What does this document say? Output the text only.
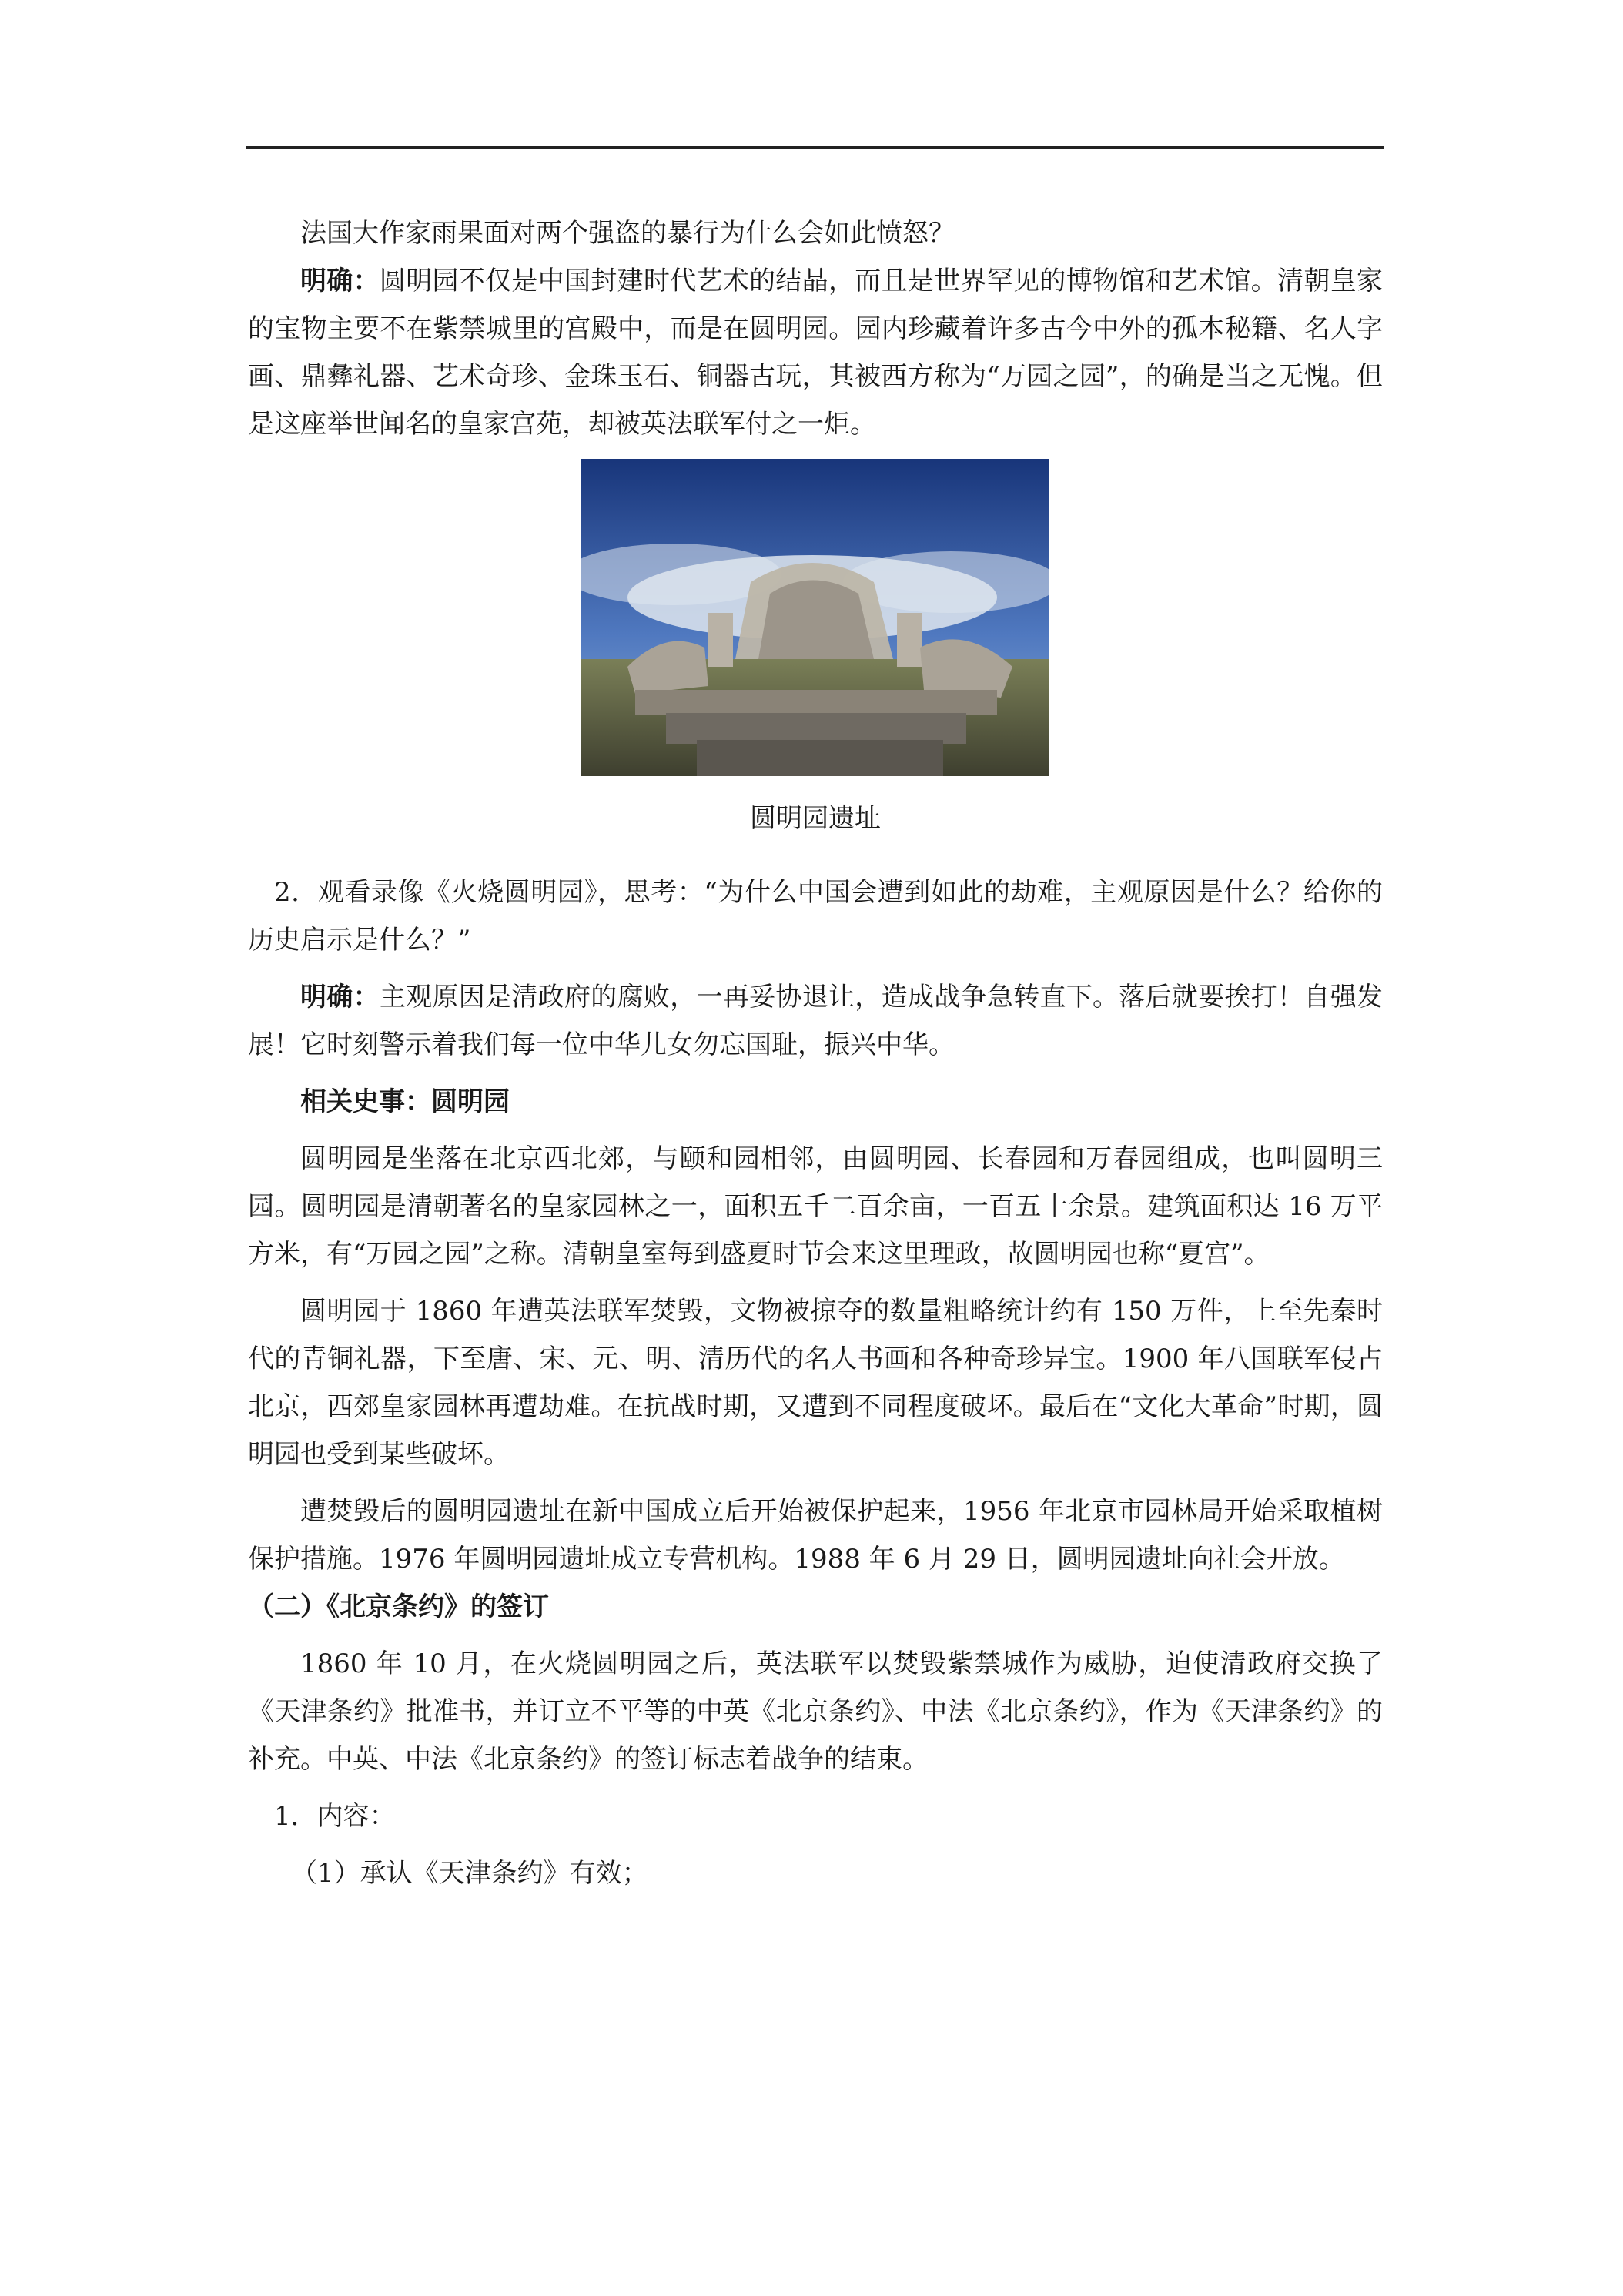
法国大作家雨果面对两个强盗的暴行为什么会如此愤怒？

明确：圆明园不仅是中国封建时代艺术的结晶，而且是世界罕见的博物馆和艺术馆。清朝皇家的宝物主要不在紫禁城里的宫殿中，而是在圆明园。园内珍藏着许多古今中外的孤本秘籍、名人字画、鼎彝礼器、艺术奇珍、金珠玉石、铜器古玩，其被西方称为“万园之园”，的确是当之无愧。但是这座举世闻名的皇家宫苑，却被英法联军付之一炬。

圆明园遗址

2．观看录像《火烧圆明园》，思考：“为什么中国会遭到如此的劫难，主观原因是什么？给你的历史启示是什么？”

明确：主观原因是清政府的腐败，一再妥协退让，造成战争急转直下。落后就要挨打！自强发展！它时刻警示着我们每一位中华儿女勿忘国耻，振兴中华。

相关史事：圆明园

圆明园是坐落在北京西北郊，与颐和园相邻，由圆明园、长春园和万春园组成，也叫圆明三园。圆明园是清朝著名的皇家园林之一，面积五千二百余亩，一百五十余景。建筑面积达 16 万平方米，有“万园之园”之称。清朝皇室每到盛夏时节会来这里理政，故圆明园也称“夏宫”。

圆明园于 1860 年遭英法联军焚毁，文物被掠夺的数量粗略统计约有 150 万件，上至先秦时代的青铜礼器，下至唐、宋、元、明、清历代的名人书画和各种奇珍异宝。1900 年八国联军侵占北京，西郊皇家园林再遭劫难。在抗战时期，又遭到不同程度破坏。最后在“文化大革命”时期，圆明园也受到某些破坏。

遭焚毁后的圆明园遗址在新中国成立后开始被保护起来，1956 年北京市园林局开始采取植树保护措施。1976 年圆明园遗址成立专营机构。1988 年 6 月 29 日，圆明园遗址向社会开放。

（二）《北京条约》的签订

1860 年 10 月，在火烧圆明园之后，英法联军以焚毁紫禁城作为威胁，迫使清政府交换了《天津条约》批准书，并订立不平等的中英《北京条约》、中法《北京条约》，作为《天津条约》的补充。中英、中法《北京条约》的签订标志着战争的结束。

1．内容：

（1）承认《天津条约》有效；
